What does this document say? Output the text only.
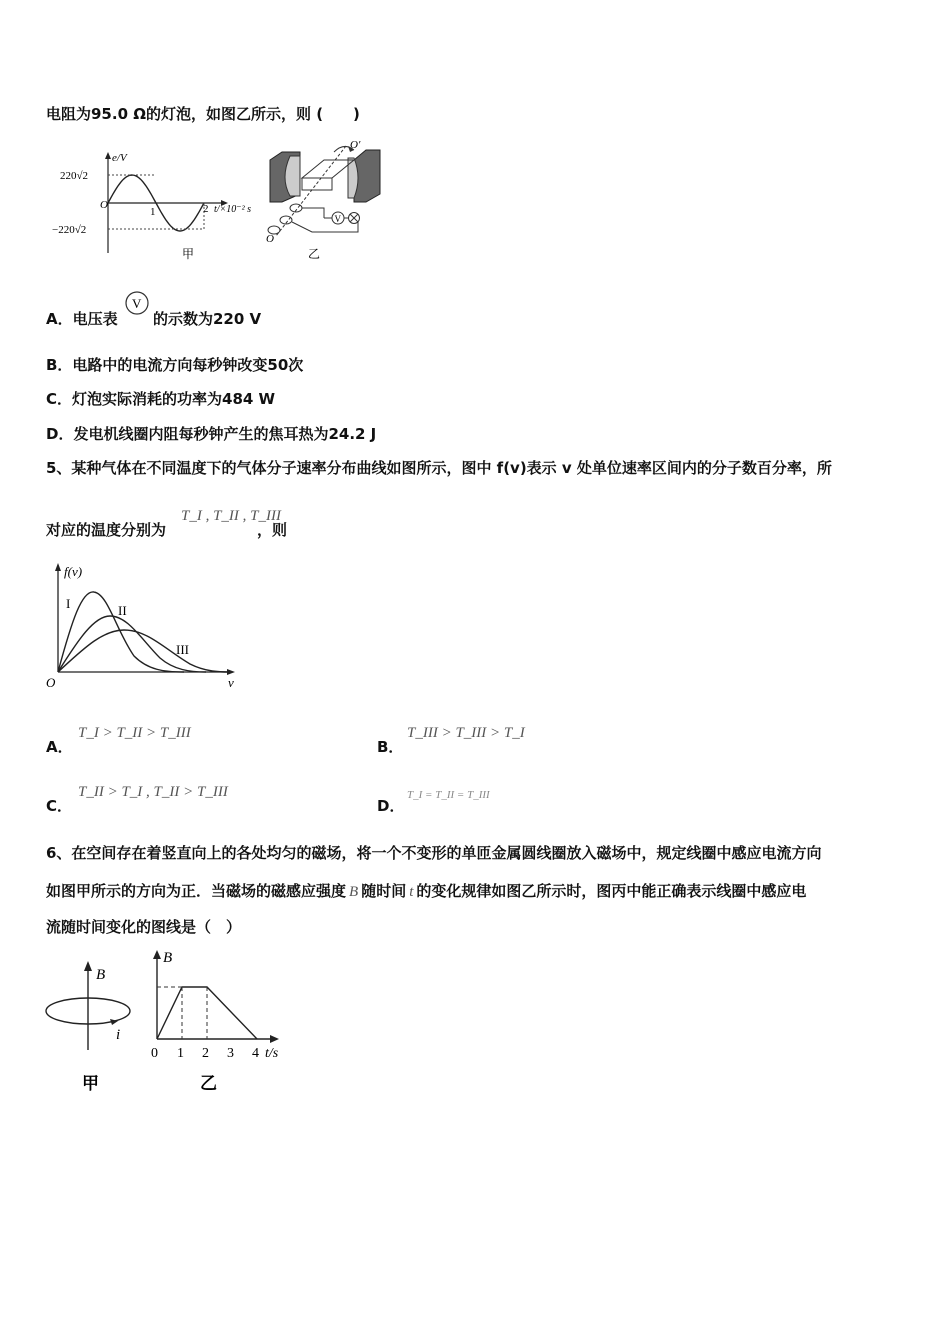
电阻为95.0 Ω的灯泡，如图乙所示，则 (　　)
e/V
220√2
−220√2
O
1	2 t/×10⁻² s
甲
V
O′
O
乙
A．电压表
V
的示数为220 V
B．电路中的电流方向每秒钟改变50次
C．灯泡实际消耗的功率为484 W
D．发电机线圈内阻每秒钟产生的焦耳热为24.2 J
5、某种气体在不同温度下的气体分子速率分布曲线如图所示，图中 f(v)表示 v 处单位速率区间内的分子数百分率，所
对应的温度分别为
T_I , T_II , T_III
，则
f(v)
v
O
I	II
III
A．
T_I > T_II > T_III
B．
T_III > T_III > T_I
C．
T_II > T_I , T_II > T_III
D．
T_I = T_II = T_III
6、在空间存在着竖直向上的各处均匀的磁场，将一个不变形的单匝金属圆线圈放入磁场中，规定线圈中感应电流方向
如图甲所示的方向为正．当磁场的磁感应强度 B 随时间 t 的变化规律如图乙所示时，图丙中能正确表示线圈中感应电
流随时间变化的图线是（　）
B
i
甲
B
0 1 2 3 4 t/s
乙
